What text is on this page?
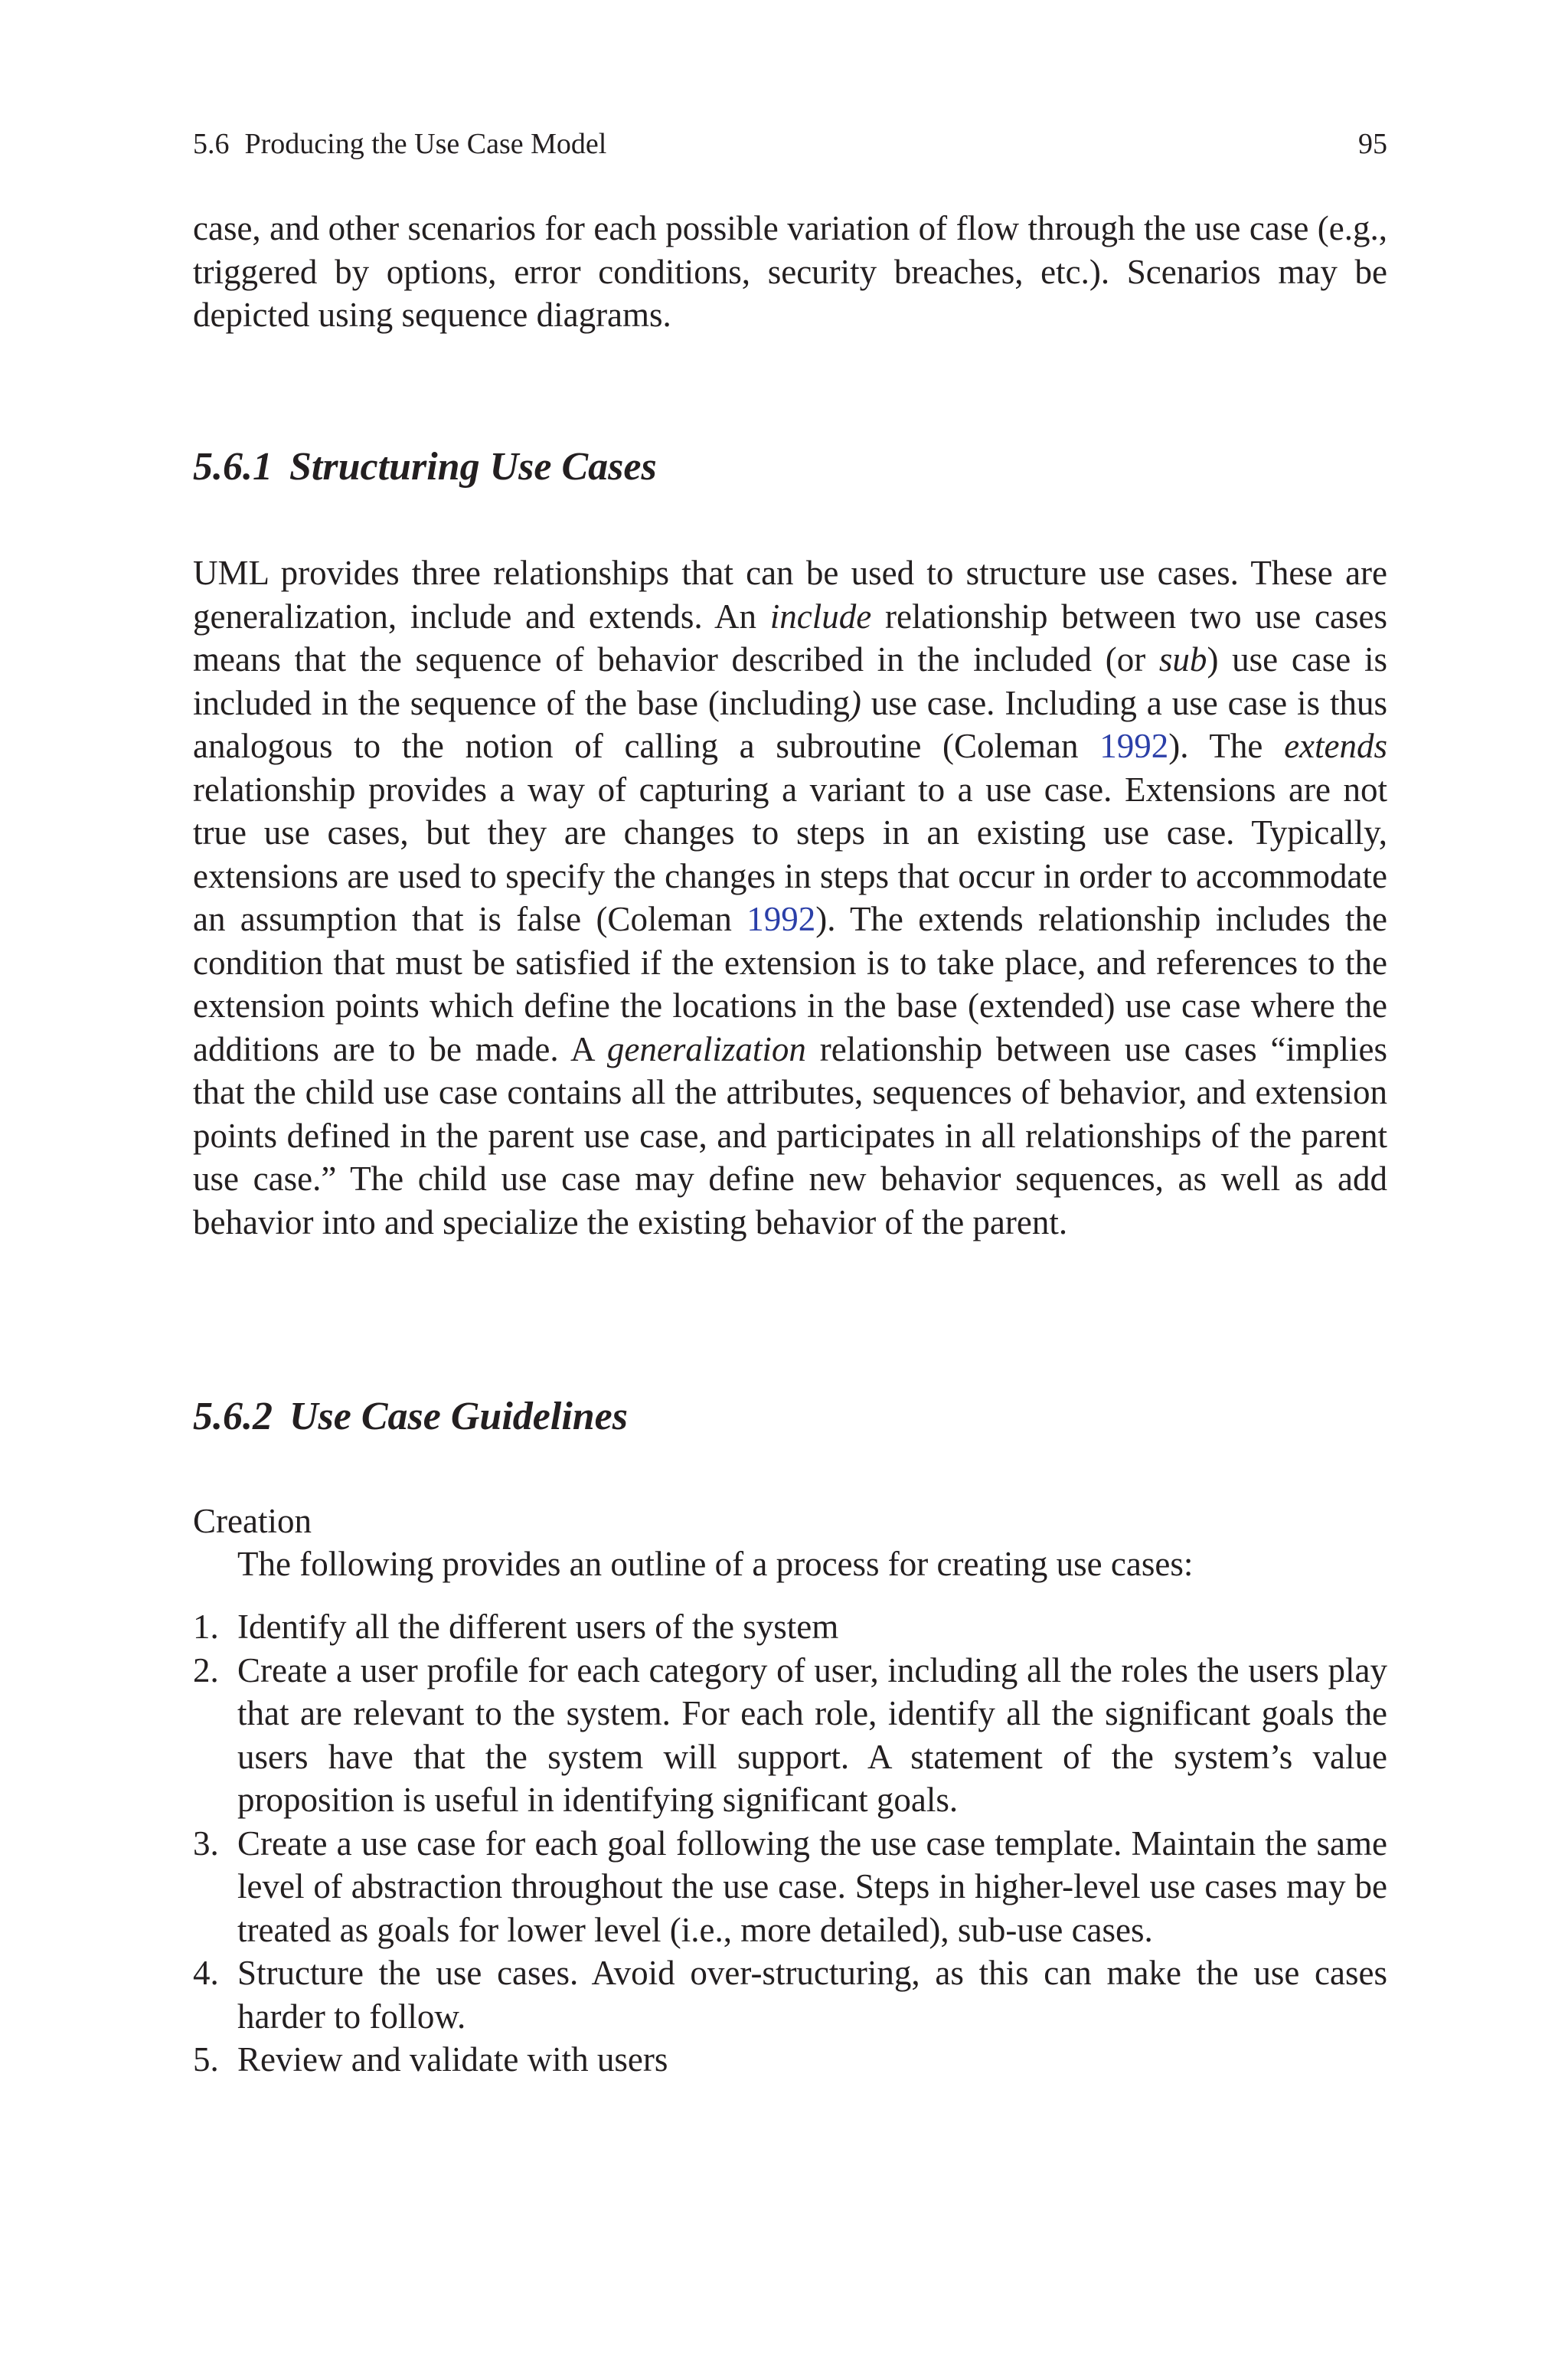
5.6 Producing the Use Case Model	95

case, and other scenarios for each possible variation of flow through the use case (e.g., triggered by options, error conditions, security breaches, etc.). Scenarios may be depicted using sequence diagrams.

5.6.1 Structuring Use Cases

UML provides three relationships that can be used to structure use cases. These are generalization, include and extends. An include relationship between two use cases means that the sequence of behavior described in the included (or sub) use case is included in the sequence of the base (including) use case. Including a use case is thus analogous to the notion of calling a subroutine (Coleman 1992). The extends relationship provides a way of capturing a variant to a use case. Extensions are not true use cases, but they are changes to steps in an existing use case. Typically, extensions are used to specify the changes in steps that occur in order to accommodate an assumption that is false (Coleman 1992). The extends relationship includes the condition that must be satisfied if the extension is to take place, and references to the extension points which define the locations in the base (extended) use case where the additions are to be made. A generalization relationship between use cases “implies that the child use case contains all the attributes, sequences of behavior, and extension points defined in the parent use case, and participates in all relationships of the parent use case.” The child use case may define new behavior sequences, as well as add behavior into and specialize the existing behavior of the parent.

5.6.2 Use Case Guidelines
Creation
The following provides an outline of a process for creating use cases:
1. Identify all the different users of the system
2. Create a user profile for each category of user, including all the roles the users play that are relevant to the system. For each role, identify all the significant goals the users have that the system will support. A statement of the system’s value proposition is useful in identifying significant goals.
3. Create a use case for each goal following the use case template. Maintain the same level of abstraction throughout the use case. Steps in higher-level use cases may be treated as goals for lower level (i.e., more detailed), sub-use cases.
4. Structure the use cases. Avoid over-structuring, as this can make the use cases harder to follow.
5. Review and validate with users
